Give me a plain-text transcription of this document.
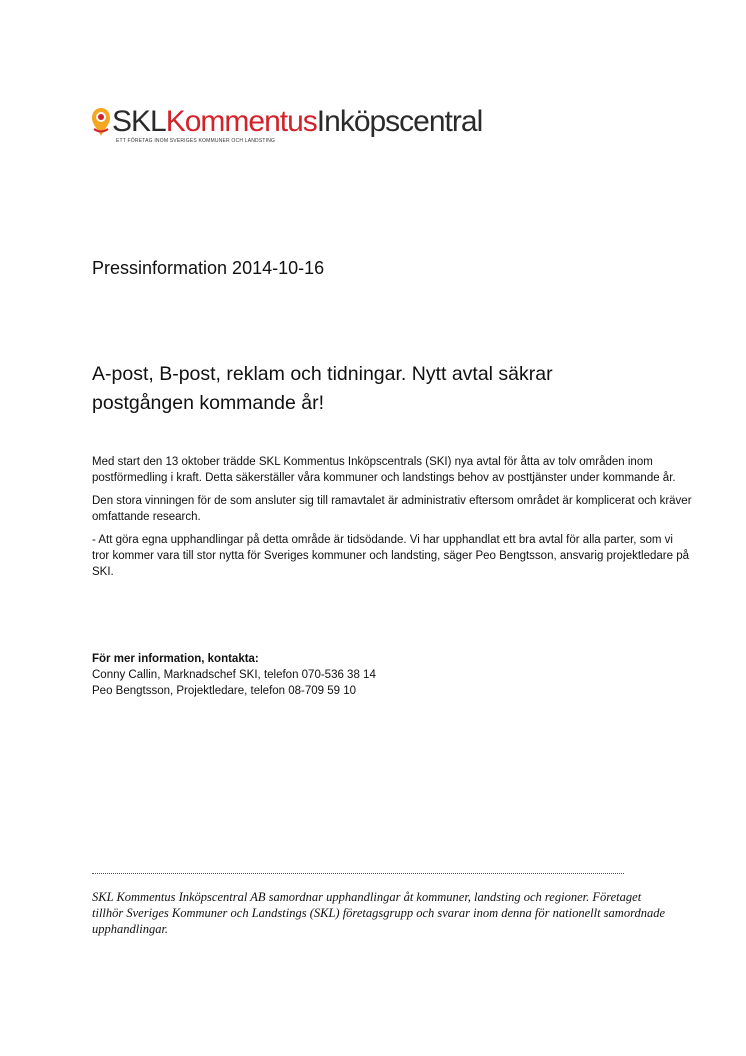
SKLKommentusInköpscentral
ETT FÖRETAG INOM SVERIGES KOMMUNER OCH LANDSTING
Pressinformation 2014-10-16
A-post, B-post, reklam och tidningar. Nytt avtal säkrar
postgången kommande år!

Med start den 13 oktober trädde SKL Kommentus Inköpscentrals (SKI) nya avtal för åtta av tolv områden inom postförmedling i kraft. Detta säkerställer våra kommuner och landstings behov av posttjänster under kommande år.

Den stora vinningen för de som ansluter sig till ramavtalet är administrativ eftersom området är komplicerat och kräver omfattande research.

- Att göra egna upphandlingar på detta område är tidsödande. Vi har upphandlat ett bra avtal för alla parter, som vi tror kommer vara till stor nytta för Sveriges kommuner och landsting, säger Peo Bengtsson, ansvarig projektledare på SKI.

För mer information, kontakta:
Conny Callin, Marknadschef SKI, telefon 070-536 38 14
Peo Bengtsson, Projektledare, telefon 08-709 59 10
SKL Kommentus Inköpscentral AB samordnar upphandlingar åt kommuner, landsting och regioner. Företaget tillhör Sveriges Kommuner och Landstings (SKL) företagsgrupp och svarar inom denna för nationellt samordnade upphandlingar.
